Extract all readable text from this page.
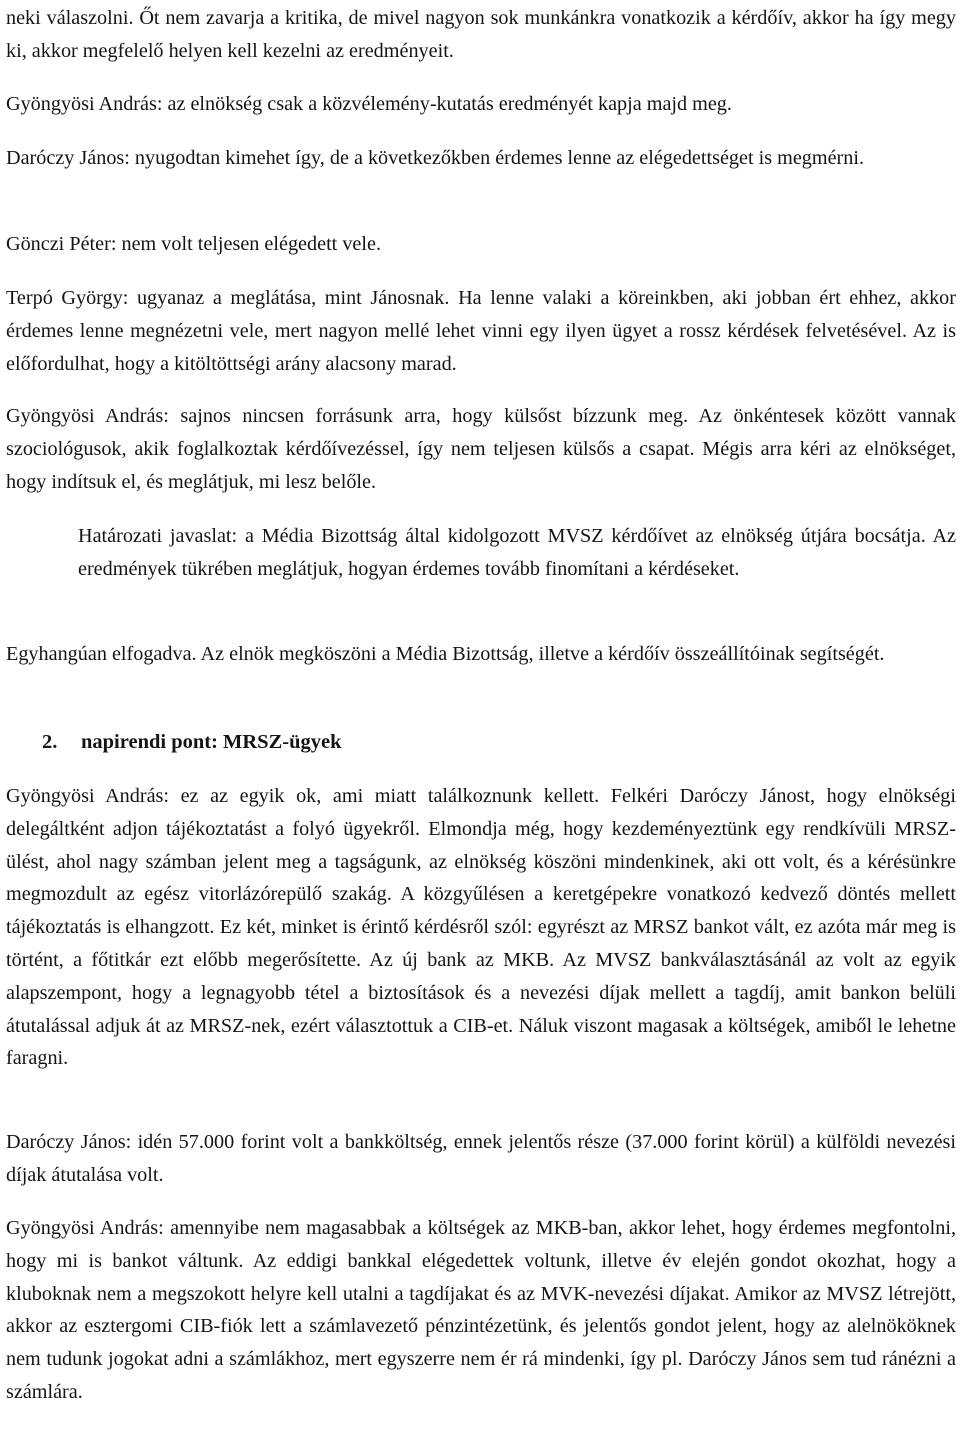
neki válaszolni. Őt nem zavarja a kritika, de mivel nagyon sok munkánkra vonatkozik a kérdőív, akkor ha így megy ki, akkor megfelelő helyen kell kezelni az eredményeit.

Gyöngyösi András: az elnökség csak a közvélemény-kutatás eredményét kapja majd meg.

Daróczy János: nyugodtan kimehet így, de a következőkben érdemes lenne az elégedettséget is megmérni.

Gönczi Péter: nem volt teljesen elégedett vele.

Terpó György: ugyanaz a meglátása, mint Jánosnak. Ha lenne valaki a köreinkben, aki jobban ért ehhez, akkor érdemes lenne megnézetni vele, mert nagyon mellé lehet vinni egy ilyen ügyet a rossz kérdések felvetésével. Az is előfordulhat, hogy a kitöltöttségi arány alacsony marad.

Gyöngyösi András: sajnos nincsen forrásunk arra, hogy külsőst bízzunk meg. Az önkéntesek között vannak szociológusok, akik foglalkoztak kérdőívezéssel, így nem teljesen külsős a csapat. Mégis arra kéri az elnökséget, hogy indítsuk el, és meglátjuk, mi lesz belőle.

Határozati javaslat: a Média Bizottság által kidolgozott MVSZ kérdőívet az elnökség útjára bocsátja. Az eredmények tükrében meglátjuk, hogyan érdemes tovább finomítani a kérdéseket.

Egyhangúan elfogadva. Az elnök megköszöni a Média Bizottság, illetve a kérdőív összeállítóinak segítségét.

2. napirendi pont: MRSZ-ügyek

Gyöngyösi András: ez az egyik ok, ami miatt találkoznunk kellett. Felkéri Daróczy Jánost, hogy elnökségi delegáltként adjon tájékoztatást a folyó ügyekről. Elmondja még, hogy kezdeményeztünk egy rendkívüli MRSZ-ülést, ahol nagy számban jelent meg a tagságunk, az elnökség köszöni mindenkinek, aki ott volt, és a kérésünkre megmozdult az egész vitorlázórepülő szakág. A közgyűlésen a keretgépekre vonatkozó kedvező döntés mellett tájékoztatás is elhangzott. Ez két, minket is érintő kérdésről szól: egyrészt az MRSZ bankot vált, ez azóta már meg is történt, a főtitkár ezt előbb megerősítette. Az új bank az MKB. Az MVSZ bankválasztásánál az volt az egyik alapszempont, hogy a legnagyobb tétel a biztosítások és a nevezési díjak mellett a tagdíj, amit bankon belüli átutalással adjuk át az MRSZ-nek, ezért választottuk a CIB-et. Náluk viszont magasak a költségek, amiből le lehetne faragni.

Daróczy János: idén 57.000 forint volt a bankköltség, ennek jelentős része (37.000 forint körül) a külföldi nevezési díjak átutalása volt.

Gyöngyösi András: amennyibe nem magasabbak a költségek az MKB-ban, akkor lehet, hogy érdemes megfontolni, hogy mi is bankot váltunk. Az eddigi bankkal elégedettek voltunk, illetve év elején gondot okozhat, hogy a kluboknak nem a megszokott helyre kell utalni a tagdíjakat és az MVK-nevezési díjakat. Amikor az MVSZ létrejött, akkor az esztergomi CIB-fiók lett a számlavezető pénzintézetünk, és jelentős gondot jelent, hogy az alelnököknek nem tudunk jogokat adni a számlákhoz, mert egyszerre nem ér rá mindenki, így pl. Daróczy János sem tud ránézni a számlára.
